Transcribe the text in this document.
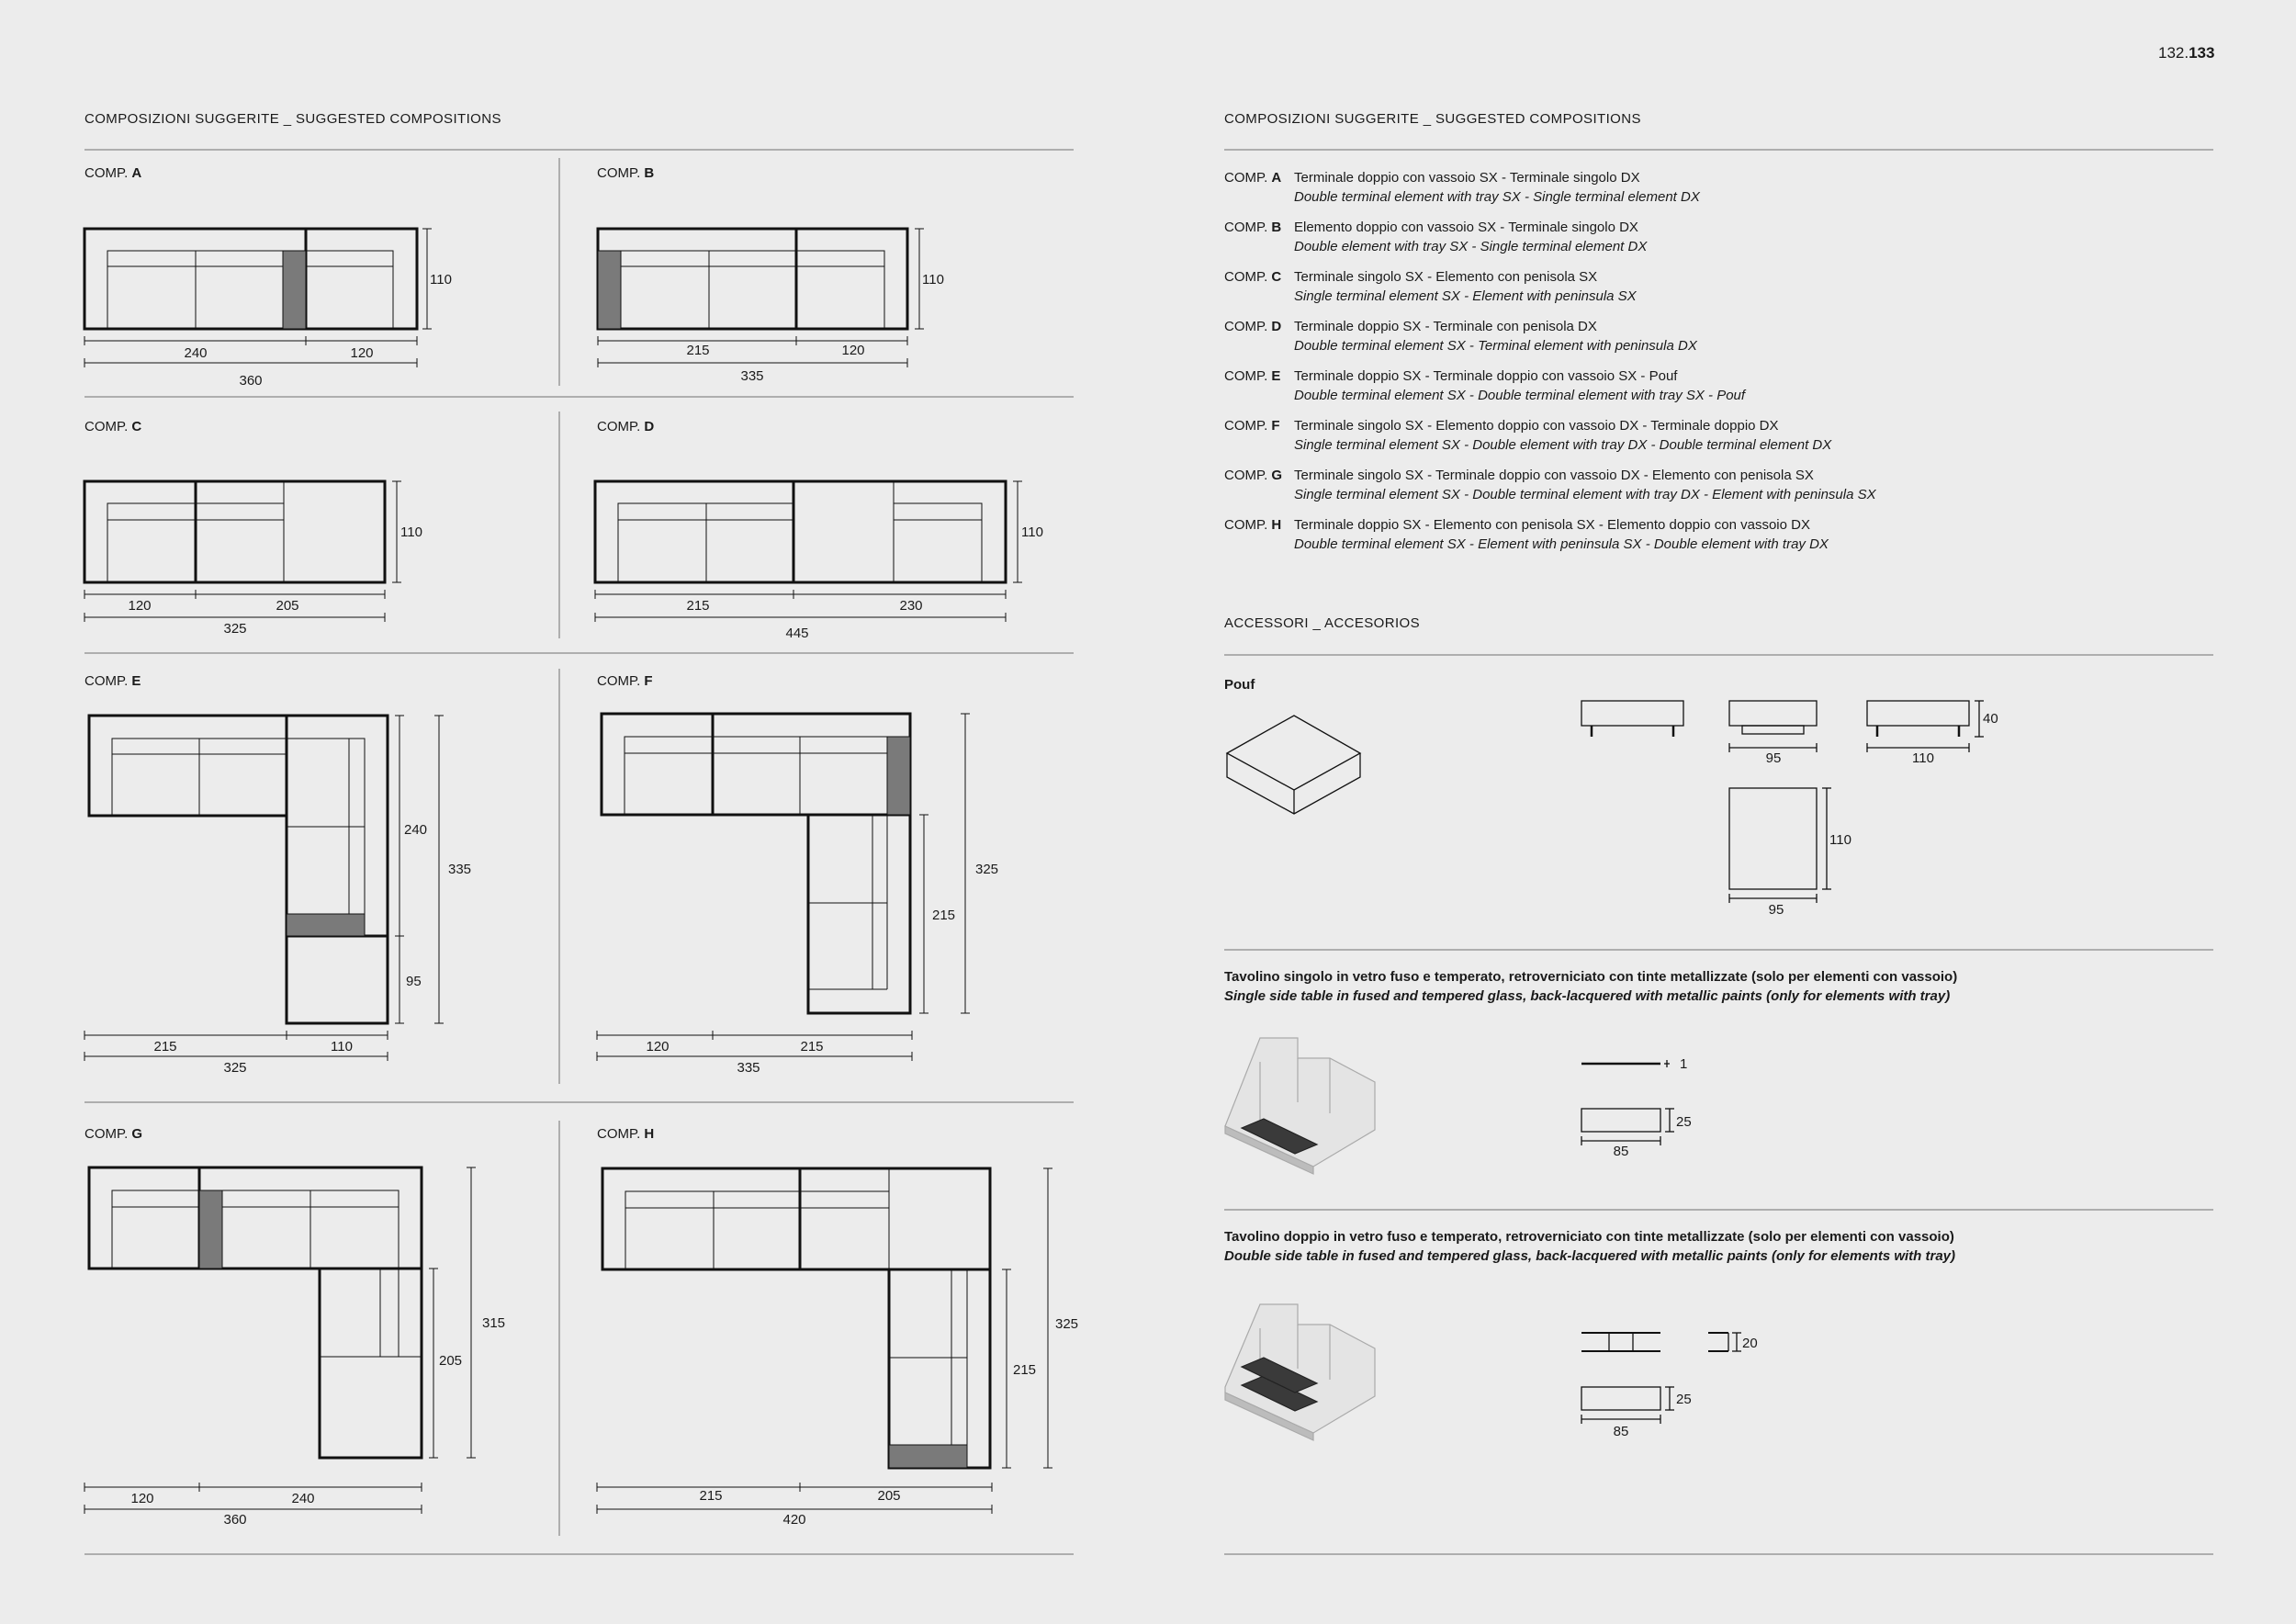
132.133
COMPOSIZIONI SUGGERITE _ SUGGESTED COMPOSITIONS
COMP. A	COMP. B
COMP. C	COMP. D
COMP. E	COMP. F
COMP. G	COMP. H
COMPOSIZIONI SUGGERITE _ SUGGESTED COMPOSITIONS
COMP. A Terminale doppio con vassoio SX - Terminale singolo DX
Double terminal element with tray SX - Single terminal element DX
COMP. B Elemento doppio con vassoio SX - Terminale singolo DX
Double element with tray SX - Single terminal element DX
COMP. C Terminale singolo SX - Elemento con penisola SX
Single terminal element SX - Element with peninsula SX
COMP. D Terminale doppio SX - Terminale con penisola DX
Double terminal element SX - Terminal element with peninsula DX
COMP. E Terminale doppio SX - Terminale doppio con vassoio SX - Pouf
Double terminal element SX - Double terminal element with tray SX - Pouf
COMP. F Terminale singolo SX - Elemento doppio con vassoio DX - Terminale doppio DX
Single terminal element SX - Double element with tray DX - Double terminal element DX
COMP. G Terminale singolo SX - Terminale doppio con vassoio DX - Elemento con penisola SX
Single terminal element SX - Double terminal element with tray DX - Element with peninsula SX
COMP. H Terminale doppio SX - Elemento con penisola SX - Elemento doppio con vassoio DX
Double terminal element SX - Element with peninsula SX - Double element with tray DX
ACCESSORI _ ACCESORIOS
Pouf
Tavolino singolo in vetro fuso e temperato, retroverniciato con tinte metallizzate (solo per elementi con vassoio)
Single side table in fused and tempered glass, back-lacquered with metallic paints (only for elements with tray)
Tavolino doppio in vetro fuso e temperato, retroverniciato con tinte metallizzate (solo per elementi con vassoio)
Double side table in fused and tempered glass, back-lacquered with metallic paints (only for elements with tray)
240	120
360
110
215	120
335
110
120	205
325
110
215	230
445
110
215	110
325
240
95
335
120	215
335
215
325
120	240
360
205
315
215	205
420
215
325
40
95	110
110
95
1
25
85
20
25
85
